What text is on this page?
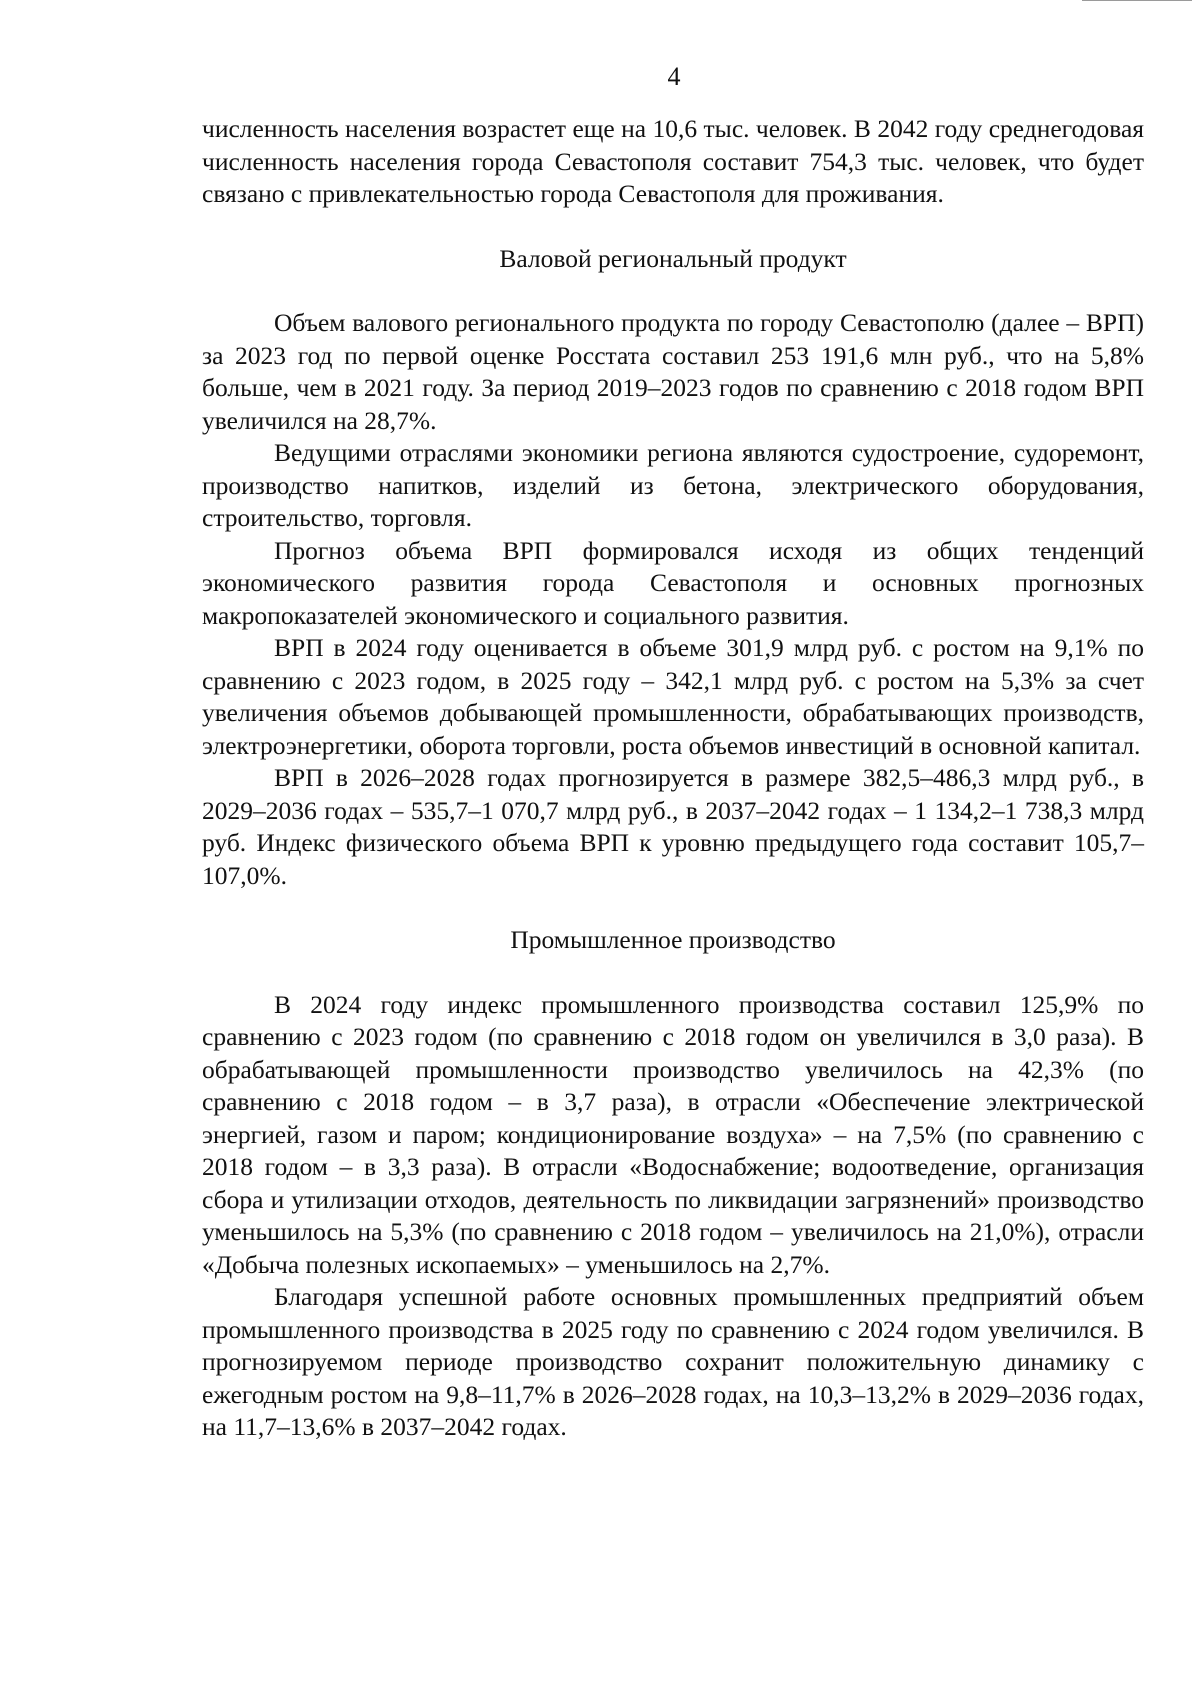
4

численность населения возрастет еще на 10,6 тыс. человек. В 2042 году среднегодовая численность населения города Севастополя составит 754,3 тыс. человек, что будет связано с привлекательностью города Севастополя для проживания.

Валовой региональный продукт

Объем валового регионального продукта по городу Севастополю (далее – ВРП) за 2023 год по первой оценке Росстата составил 253 191,6 млн руб., что на 5,8% больше, чем в 2021 году. За период 2019–2023 годов по сравнению с 2018 годом ВРП увеличился на 28,7%.

Ведущими отраслями экономики региона являются судостроение, судоремонт, производство напитков, изделий из бетона, электрического оборудования, строительство, торговля.

Прогноз объема ВРП формировался исходя из общих тенденций экономического развития города Севастополя и основных прогнозных макропоказателей экономического и социального развития.

ВРП в 2024 году оценивается в объеме 301,9 млрд руб. с ростом на 9,1% по сравнению с 2023 годом, в 2025 году – 342,1 млрд руб. с ростом на 5,3% за счет увеличения объемов добывающей промышленности, обрабатывающих производств, электроэнергетики, оборота торговли, роста объемов инвестиций в основной капитал.

ВРП в 2026–2028 годах прогнозируется в размере 382,5–486,3 млрд руб., в 2029–2036 годах – 535,7–1 070,7 млрд руб., в 2037–2042 годах – 1 134,2–1 738,3 млрд руб. Индекс физического объема ВРП к уровню предыдущего года составит 105,7–107,0%.

Промышленное производство

В 2024 году индекс промышленного производства составил 125,9% по сравнению с 2023 годом (по сравнению с 2018 годом он увеличился в 3,0 раза). В обрабатывающей промышленности производство увеличилось на 42,3% (по сравнению с 2018 годом – в 3,7 раза), в отрасли «Обеспечение электрической энергией, газом и паром; кондиционирование воздуха» – на 7,5% (по сравнению с 2018 годом – в 3,3 раза). В отрасли «Водоснабжение; водоотведение, организация сбора и утилизации отходов, деятельность по ликвидации загрязнений» производство уменьшилось на 5,3% (по сравнению с 2018 годом – увеличилось на 21,0%), отрасли «Добыча полезных ископаемых» – уменьшилось на 2,7%.

Благодаря успешной работе основных промышленных предприятий объем промышленного производства в 2025 году по сравнению с 2024 годом увеличился. В прогнозируемом периоде производство сохранит положительную динамику с ежегодным ростом на 9,8–11,7% в 2026–2028 годах, на 10,3–13,2% в 2029–2036 годах, на 11,7–13,6% в 2037–2042 годах.
